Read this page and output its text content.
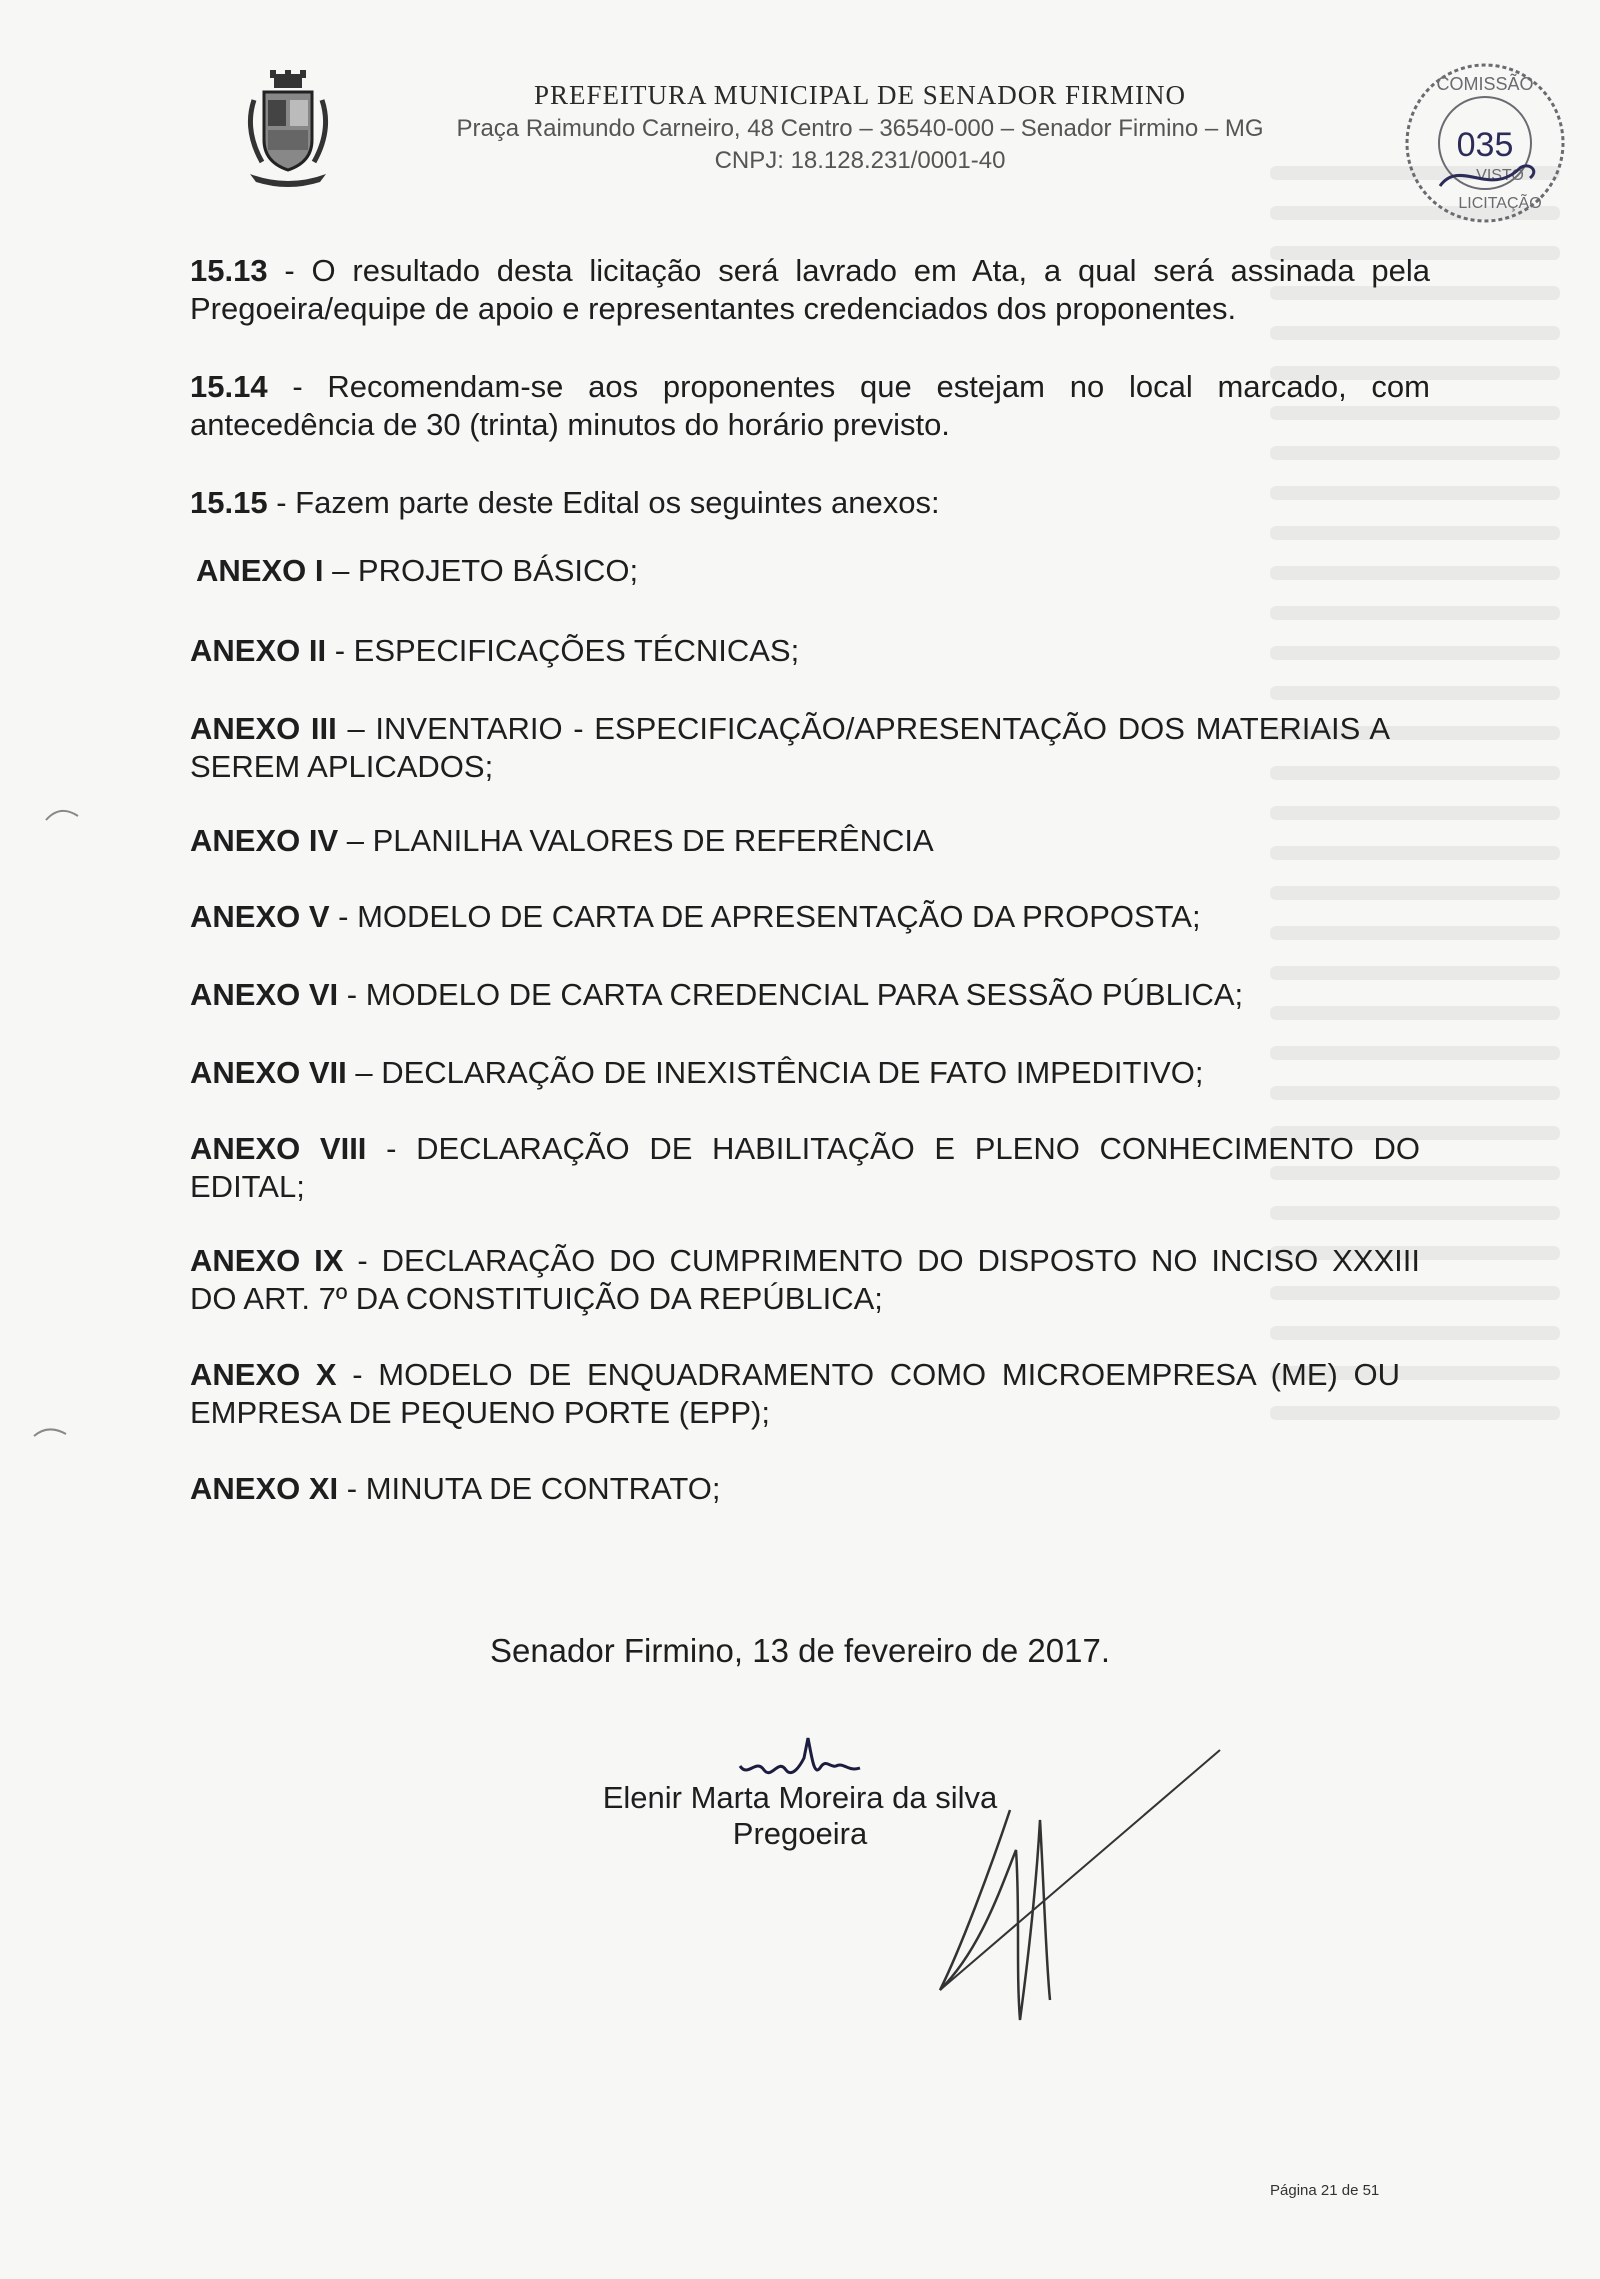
PREFEITURA MUNICIPAL DE SENADOR FIRMINO
Praça Raimundo Carneiro, 48 Centro – 36540-000 – Senador Firmino – MG
CNPJ: 18.128.231/0001-40
COMISSÃO
035
VISTO
LICITAÇÃO
15.13 - O resultado desta licitação será lavrado em Ata, a qual será assinada pela Pregoeira/equipe de apoio e representantes credenciados dos proponentes.
15.14 - Recomendam-se aos proponentes que estejam no local marcado, com antecedência de 30 (trinta) minutos do horário previsto.
15.15 - Fazem parte deste Edital os seguintes anexos:
ANEXO I – PROJETO BÁSICO;
ANEXO II - ESPECIFICAÇÕES TÉCNICAS;
ANEXO III – INVENTARIO - ESPECIFICAÇÃO/APRESENTAÇÃO DOS MATERIAIS A SEREM APLICADOS;
ANEXO IV – PLANILHA VALORES DE REFERÊNCIA
ANEXO V - MODELO DE CARTA DE APRESENTAÇÃO DA PROPOSTA;
ANEXO VI - MODELO DE CARTA CREDENCIAL PARA SESSÃO PÚBLICA;
ANEXO VII – DECLARAÇÃO DE INEXISTÊNCIA DE FATO IMPEDITIVO;
ANEXO VIII - DECLARAÇÃO DE HABILITAÇÃO E PLENO CONHECIMENTO DO EDITAL;
ANEXO IX - DECLARAÇÃO DO CUMPRIMENTO DO DISPOSTO NO INCISO XXXIII DO ART. 7º DA CONSTITUIÇÃO DA REPÚBLICA;
ANEXO X - MODELO DE ENQUADRAMENTO COMO MICROEMPRESA (ME) OU EMPRESA DE PEQUENO PORTE (EPP);
ANEXO XI - MINUTA DE CONTRATO;
Senador Firmino, 13 de fevereiro de 2017.
Elenir Marta Moreira da silva
Pregoeira
Página 21 de 51
